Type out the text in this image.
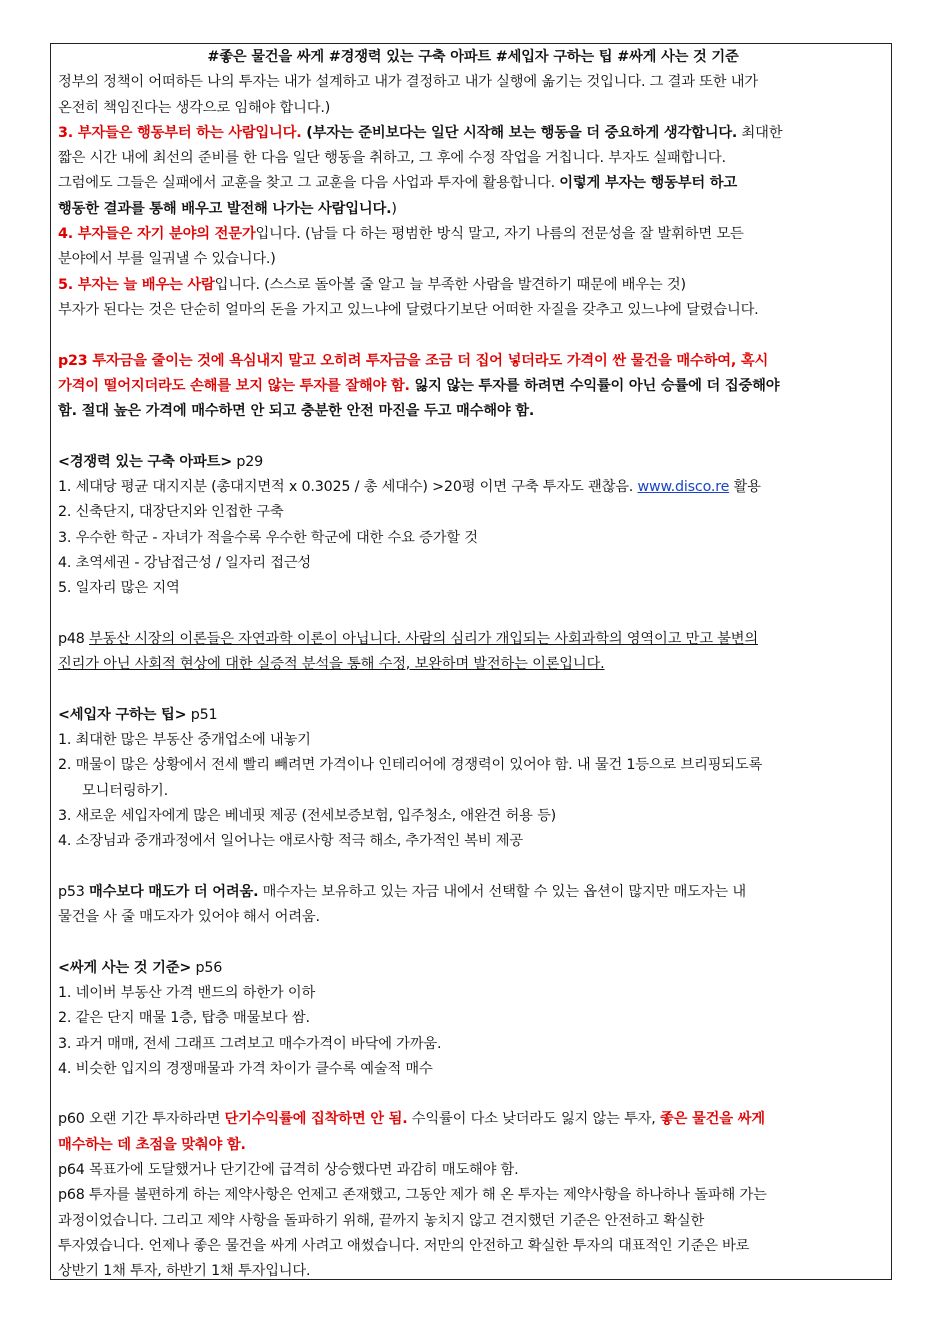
#좋은 물건을 싸게 #경쟁력 있는 구축 아파트 #세입자 구하는 팁 #싸게 사는 것 기준
정부의 정책이 어떠하든 나의 투자는 내가 설계하고 내가 결정하고 내가 실행에 옮기는 것입니다. 그 결과 또한 내가
온전히 책임진다는 생각으로 임해야 합니다.)
3. 부자들은 행동부터 하는 사람입니다. (부자는 준비보다는 일단 시작해 보는 행동을 더 중요하게 생각합니다. 최대한
짧은 시간 내에 최선의 준비를 한 다음 일단 행동을 취하고, 그 후에 수정 작업을 거칩니다. 부자도 실패합니다.
그럼에도 그들은 실패에서 교훈을 찾고 그 교훈을 다음 사업과 투자에 활용합니다. 이렇게 부자는 행동부터 하고
행동한 결과를 통해 배우고 발전해 나가는 사람입니다.)
4. 부자들은 자기 분야의 전문가입니다. (남들 다 하는 평범한 방식 말고, 자기 나름의 전문성을 잘 발휘하면 모든
분야에서 부를 일궈낼 수 있습니다.)
5. 부자는 늘 배우는 사람입니다. (스스로 돌아볼 줄 알고 늘 부족한 사람을 발견하기 때문에 배우는 것)
부자가 된다는 것은 단순히 얼마의 돈을 가지고 있느냐에 달렸다기보단 어떠한 자질을 갖추고 있느냐에 달렸습니다.
p23 투자금을 줄이는 것에 욕심내지 말고 오히려 투자금을 조금 더 집어 넣더라도 가격이 싼 물건을 매수하여, 혹시
가격이 떨어지더라도 손해를 보지 않는 투자를 잘해야 함. 잃지 않는 투자를 하려면 수익률이 아닌 승률에 더 집중해야
함. 절대 높은 가격에 매수하면 안 되고 충분한 안전 마진을 두고 매수해야 함.
<경쟁력 있는 구축 아파트> p29
1. 세대당 평균 대지지분 (총대지면적 x 0.3025 / 총 세대수) >20평 이면 구축 투자도 괜찮음. www.disco.re 활용
2. 신축단지, 대장단지와 인접한 구축
3. 우수한 학군 - 자녀가 적을수록 우수한 학군에 대한 수요 증가할 것
4. 초역세권 - 강남접근성 / 일자리 접근성
5. 일자리 많은 지역
p48 부동산 시장의 이론들은 자연과학 이론이 아닙니다. 사람의 심리가 개입되는 사회과학의 영역이고 만고 불변의
진리가 아닌 사회적 현상에 대한 실증적 분석을 통해 수정, 보완하며 발전하는 이론입니다.
<세입자 구하는 팁> p51
1. 최대한 많은 부동산 중개업소에 내놓기
2. 매물이 많은 상황에서 전세 빨리 빼려면 가격이나 인테리어에 경쟁력이 있어야 함. 내 물건 1등으로 브리핑되도록
모니터링하기.
3. 새로운 세입자에게 많은 베네핏 제공 (전세보증보험, 입주청소, 애완견 허용 등)
4. 소장님과 중개과정에서 일어나는 애로사항 적극 해소, 추가적인 복비 제공
p53 매수보다 매도가 더 어려움. 매수자는 보유하고 있는 자금 내에서 선택할 수 있는 옵션이 많지만 매도자는 내
물건을 사 줄 매도자가 있어야 해서 어려움.
<싸게 사는 것 기준> p56
1. 네이버 부동산 가격 밴드의 하한가 이하
2. 같은 단지 매물 1층, 탑층 매물보다 쌈.
3. 과거 매매, 전세 그래프 그려보고 매수가격이 바닥에 가까움.
4. 비슷한 입지의 경쟁매물과 가격 차이가 클수록 예술적 매수
p60 오랜 기간 투자하라면 단기수익률에 집착하면 안 됨. 수익률이 다소 낮더라도 잃지 않는 투자, 좋은 물건을 싸게
매수하는 데 초점을 맞춰야 함.
p64 목표가에 도달했거나 단기간에 급격히 상승했다면 과감히 매도해야 함.
p68 투자를 불편하게 하는 제약사항은 언제고 존재했고, 그동안 제가 해 온 투자는 제약사항을 하나하나 돌파해 가는
과정이었습니다. 그리고 제약 사항을 돌파하기 위해, 끝까지 놓치지 않고 견지했던 기준은 안전하고 확실한
투자였습니다. 언제나 좋은 물건을 싸게 사려고 애썼습니다. 저만의 안전하고 확실한 투자의 대표적인 기준은 바로
상반기 1채 투자, 하반기 1채 투자입니다.
